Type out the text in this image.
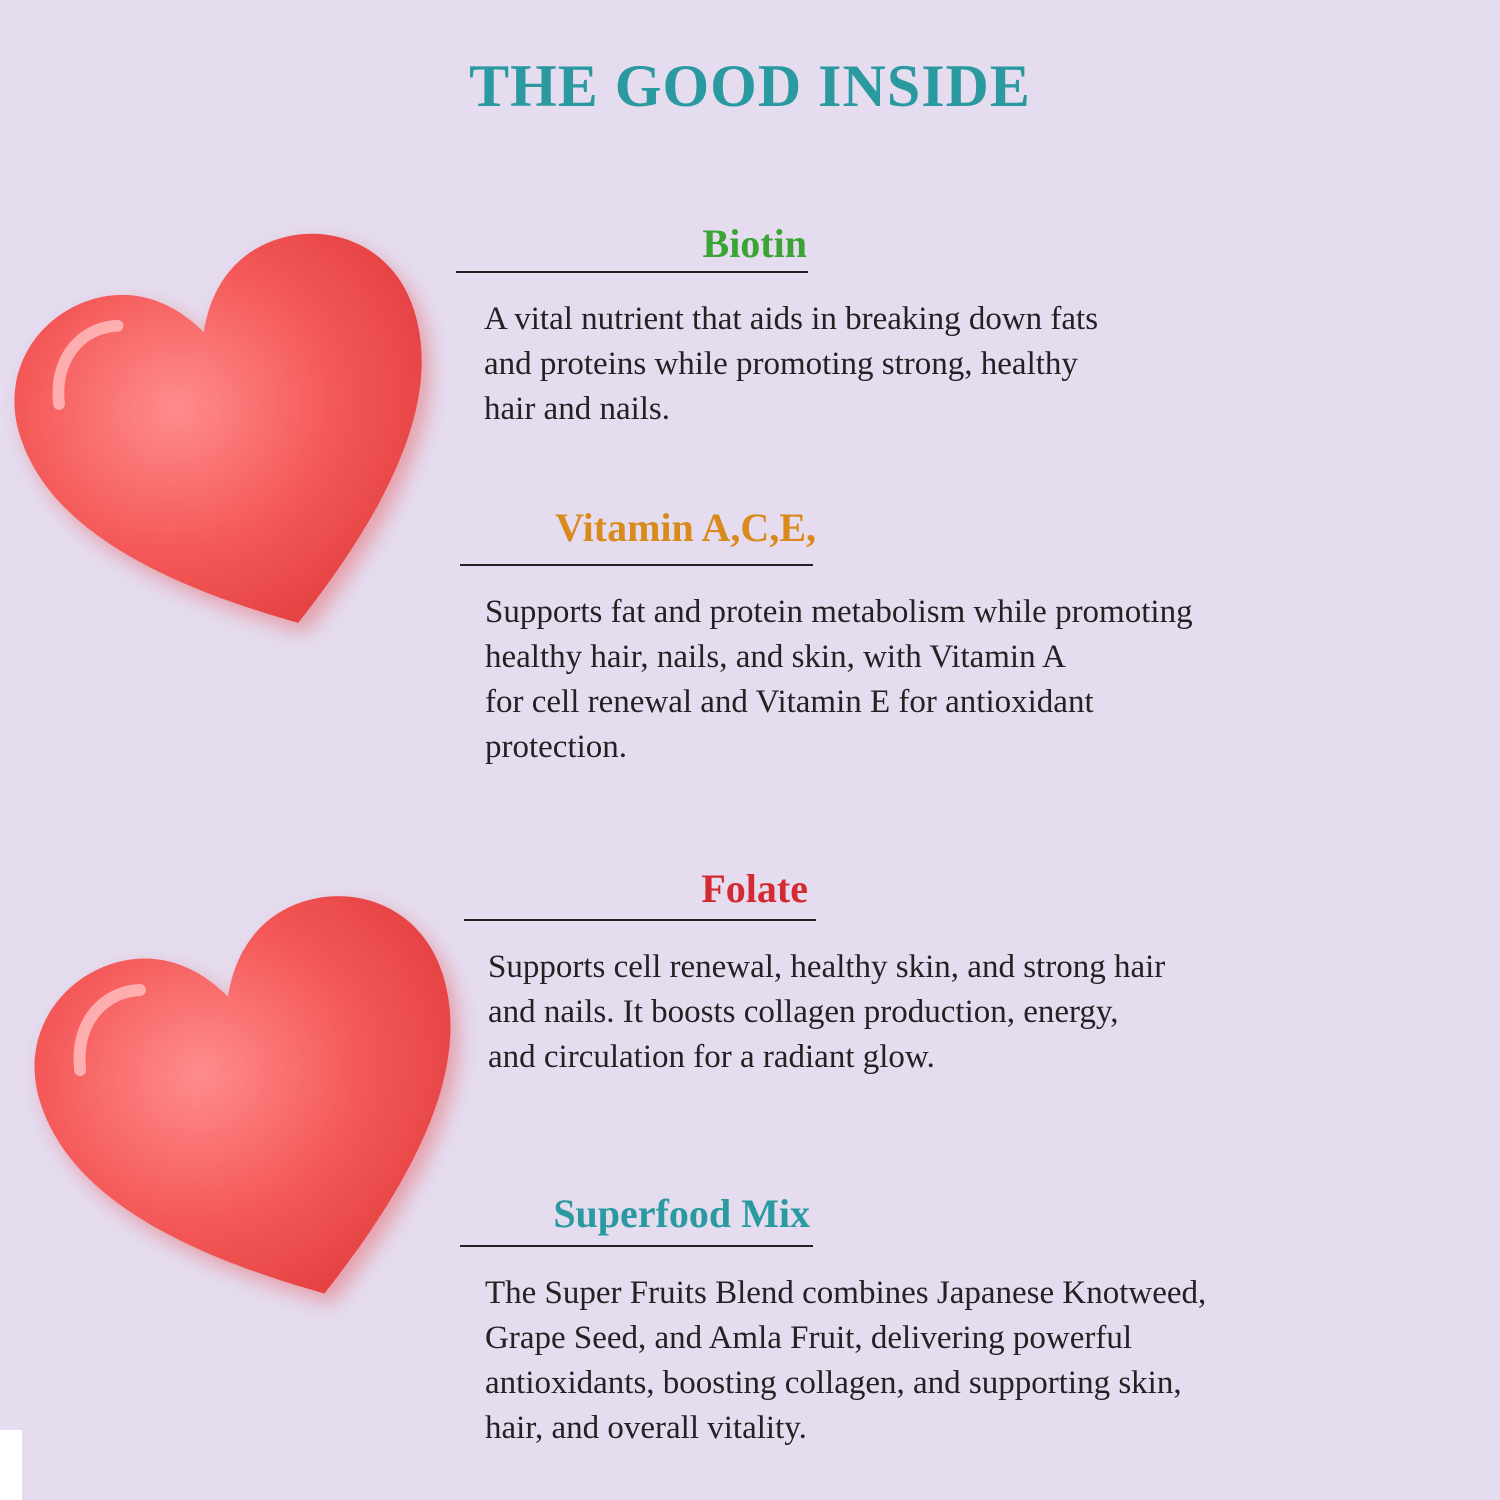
THE GOOD INSIDE
Biotin

A vital nutrient that aids in breaking down fats
and proteins while promoting strong, healthy
hair and nails.

Vitamin A,C,E,

Supports fat and protein metabolism while promoting
healthy hair, nails, and skin, with Vitamin A
for cell renewal and Vitamin E for antioxidant
protection.

Folate

Supports cell renewal, healthy skin, and strong hair
and nails. It boosts collagen production, energy,
and circulation for a radiant glow.

Superfood Mix

The Super Fruits Blend combines Japanese Knotweed,
Grape Seed, and Amla Fruit, delivering powerful
antioxidants, boosting collagen, and supporting skin,
hair, and overall vitality.
